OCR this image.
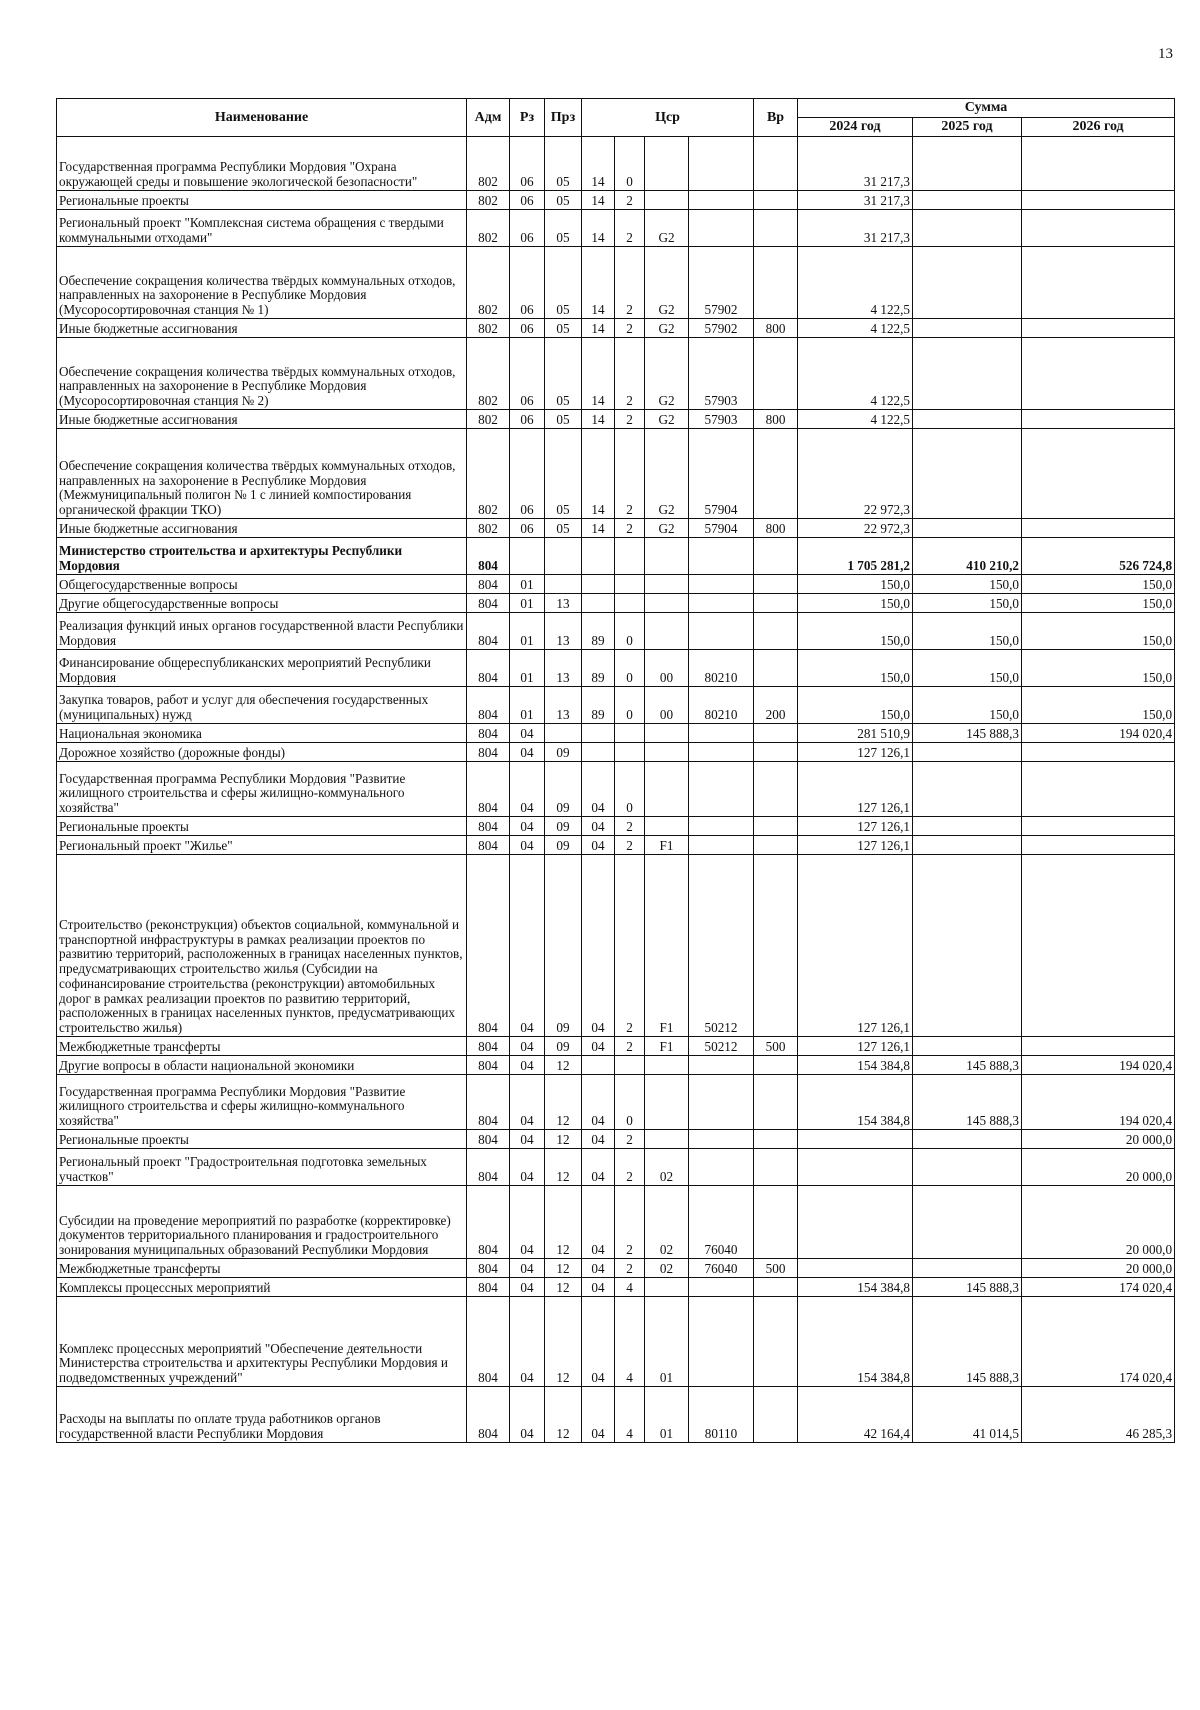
13
Наименование	Адм	Рз	Прз	Цср				Вр	Сумма		
									2024 год	2025 год	2026 год
Государственная программа Республики Мордовия "Охрана окружающей среды и повышение экологической безопасности"	802	06	05	14	0				31 217,3		
Региональные проекты	802	06	05	14	2				31 217,3		
Региональный проект "Комплексная система обращения с твердыми коммунальными отходами"	802	06	05	14	2	G2			31 217,3		
Обеспечение сокращения количества твёрдых коммунальных отходов, направленных на захоронение в Республике Мордовия (Мусоросортировочная станция № 1)	802	06	05	14	2	G2	57902		4 122,5		
Иные бюджетные ассигнования	802	06	05	14	2	G2	57902	800	4 122,5		
Обеспечение сокращения количества твёрдых коммунальных отходов, направленных на захоронение в Республике Мордовия (Мусоросортировочная станция № 2)	802	06	05	14	2	G2	57903		4 122,5		
Иные бюджетные ассигнования	802	06	05	14	2	G2	57903	800	4 122,5		
Обеспечение сокращения количества твёрдых коммунальных отходов, направленных на захоронение в Республике Мордовия (Межмуниципальный полигон № 1 с линией компостирования органической фракции ТКО)	802	06	05	14	2	G2	57904		22 972,3		
Иные бюджетные ассигнования	802	06	05	14	2	G2	57904	800	22 972,3		
Министерство строительства и архитектуры Республики Мордовия	804								1 705 281,2	410 210,2	526 724,8
Общегосударственные вопросы	804	01							150,0	150,0	150,0
Другие общегосударственные вопросы	804	01	13						150,0	150,0	150,0
Реализация функций иных органов государственной власти Республики Мордовия	804	01	13	89	0				150,0	150,0	150,0
Финансирование общереспубликанских мероприятий Республики Мордовия	804	01	13	89	0	00	80210		150,0	150,0	150,0
Закупка товаров, работ и услуг для обеспечения государственных (муниципальных) нужд	804	01	13	89	0	00	80210	200	150,0	150,0	150,0
Национальная экономика	804	04							281 510,9	145 888,3	194 020,4
Дорожное хозяйство (дорожные фонды)	804	04	09						127 126,1		
Государственная программа Республики Мордовия "Развитие жилищного строительства и сферы жилищно-коммунального хозяйства"	804	04	09	04	0				127 126,1		
Региональные проекты	804	04	09	04	2				127 126,1		
Региональный проект "Жилье"	804	04	09	04	2	F1			127 126,1		
Строительство (реконструкция) объектов социальной, коммунальной и транспортной инфраструктуры в рамках реализации проектов по развитию территорий, расположенных в границах населенных пунктов, предусматривающих строительство жилья (Субсидии на софинансирование строительства (реконструкции) автомобильных дорог в рамках реализации проектов по развитию территорий, расположенных в границах населенных пунктов, предусматривающих строительство жилья)	804	04	09	04	2	F1	50212		127 126,1		
Межбюджетные трансферты	804	04	09	04	2	F1	50212	500	127 126,1		
Другие вопросы в области национальной экономики	804	04	12						154 384,8	145 888,3	194 020,4
Государственная программа Республики Мордовия "Развитие жилищного строительства и сферы жилищно-коммунального хозяйства"	804	04	12	04	0				154 384,8	145 888,3	194 020,4
Региональные проекты	804	04	12	04	2						20 000,0
Региональный проект "Градостроительная подготовка земельных участков"	804	04	12	04	2	02					20 000,0
Субсидии на проведение мероприятий по разработке (корректировке) документов территориального планирования и градостроительного зонирования муниципальных образований Республики Мордовия	804	04	12	04	2	02	76040				20 000,0
Межбюджетные трансферты	804	04	12	04	2	02	76040	500			20 000,0
Комплексы процессных мероприятий	804	04	12	04	4				154 384,8	145 888,3	174 020,4
Комплекс процессных мероприятий "Обеспечение деятельности Министерства строительства и архитектуры Республики Мордовия и подведомственных учреждений"	804	04	12	04	4	01			154 384,8	145 888,3	174 020,4
Расходы на выплаты по оплате труда работников органов государственной власти Республики Мордовия	804	04	12	04	4	01	80110		42 164,4	41 014,5	46 285,3
